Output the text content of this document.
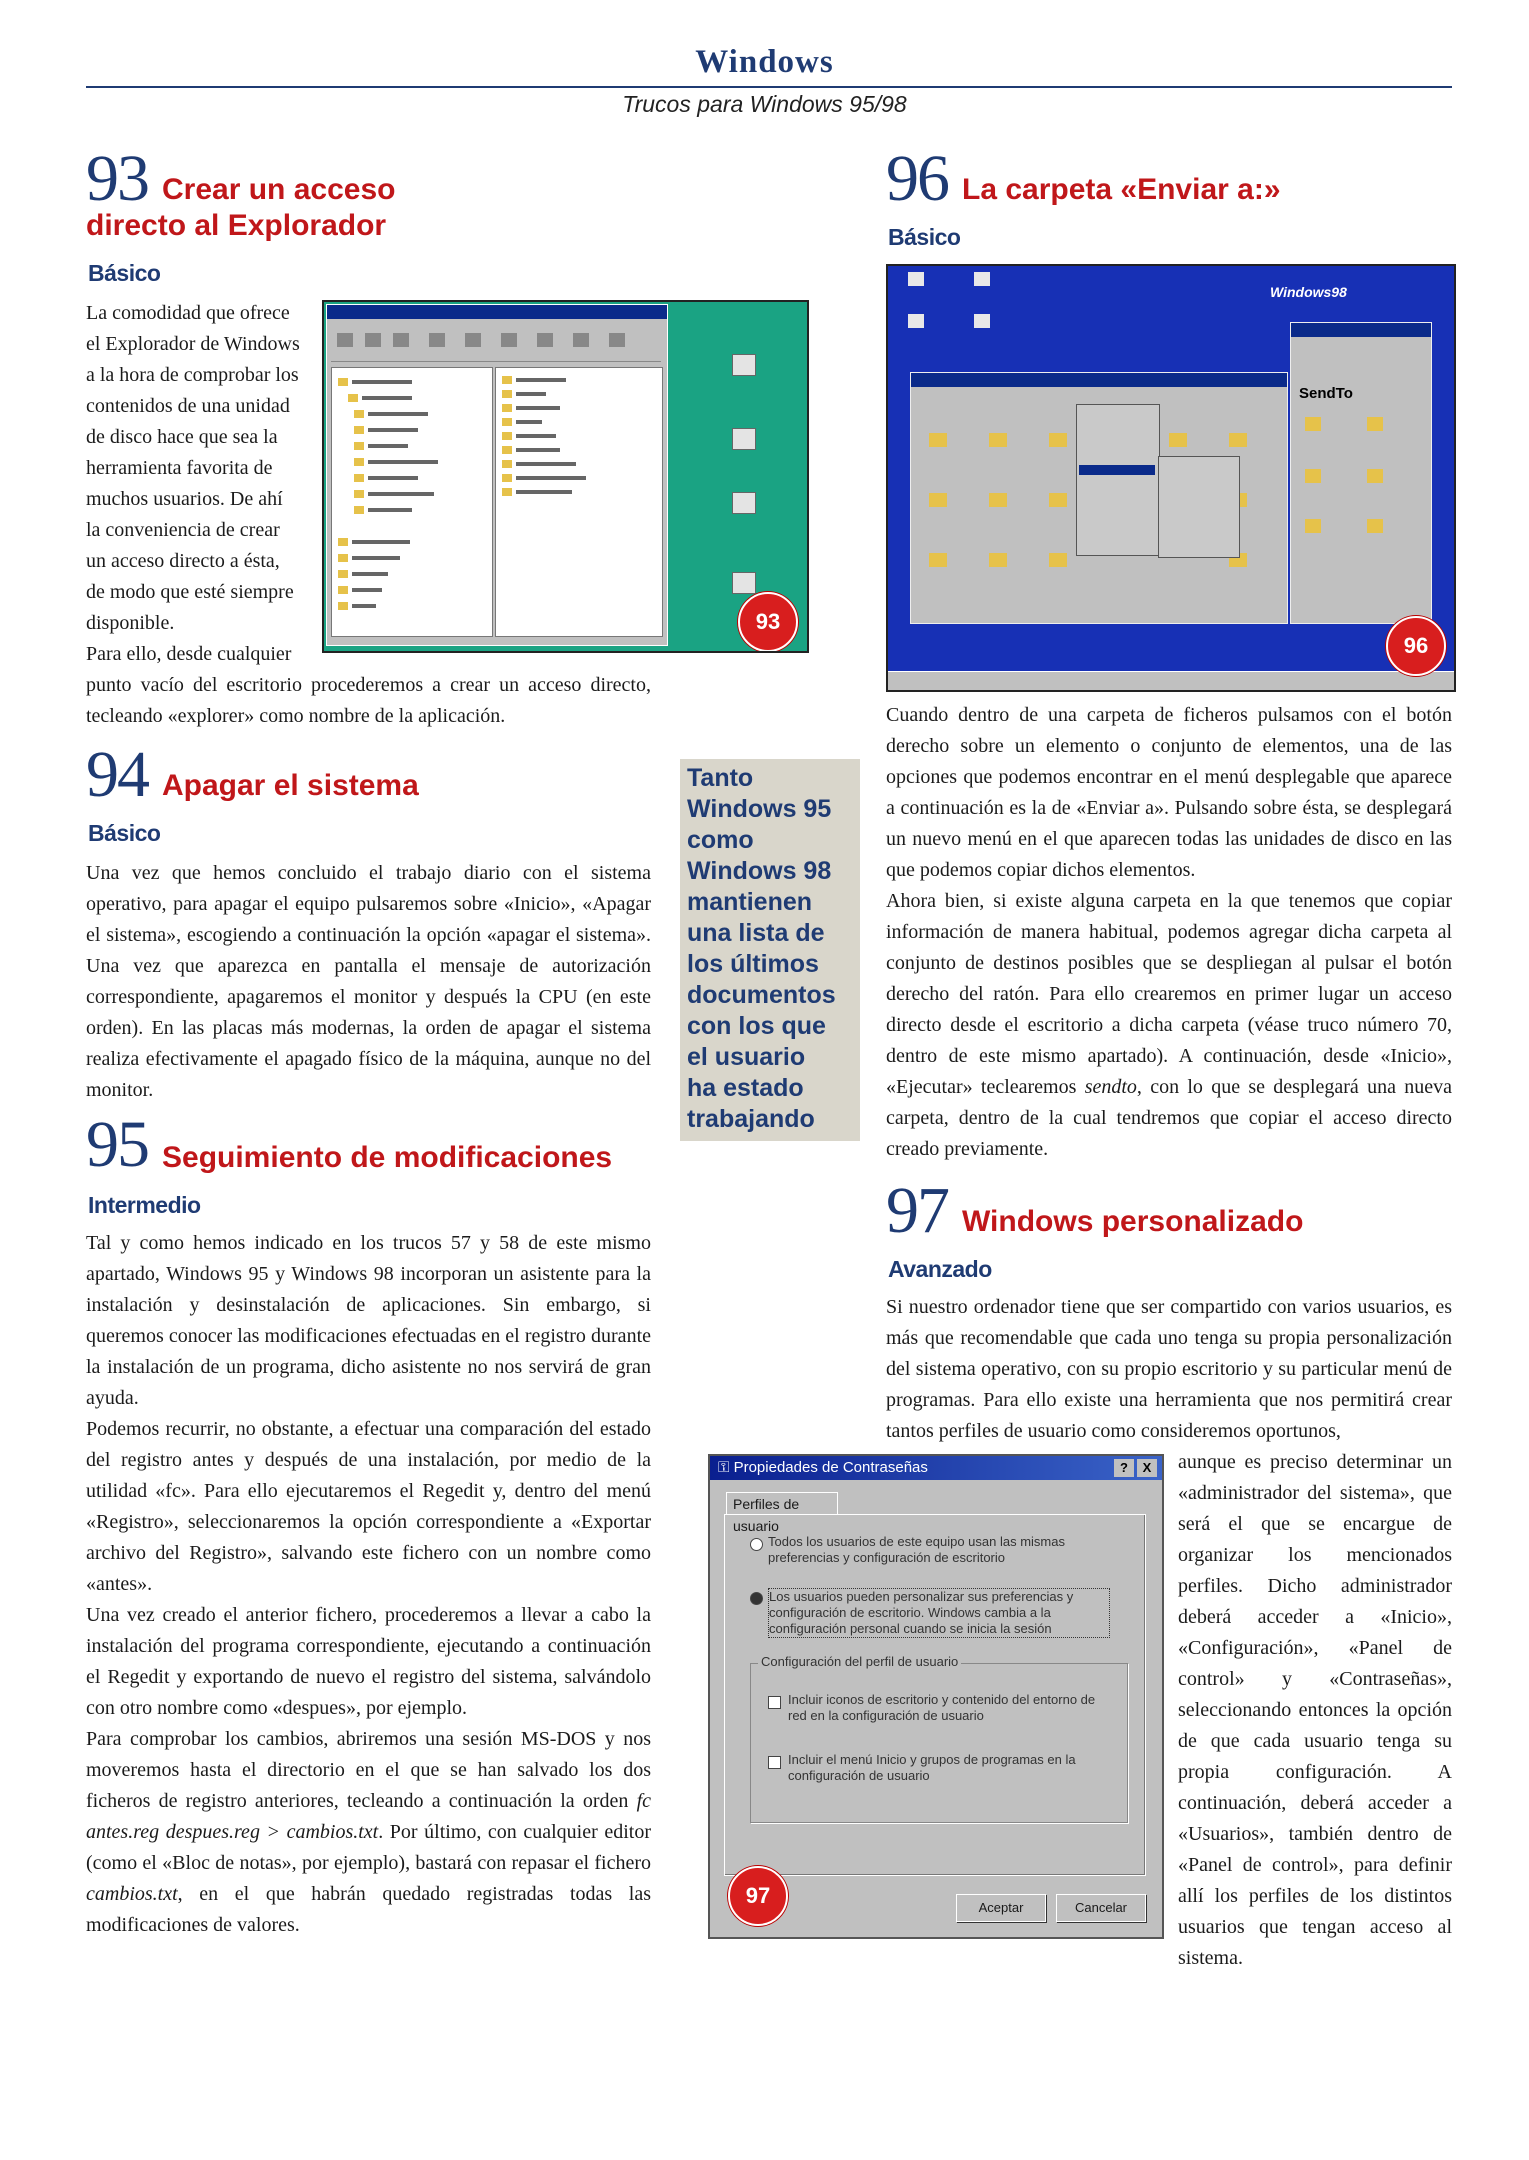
Windows
Trucos para Windows 95/98
93 Crear un acceso
directo al Explorador
Básico
La comodidad que ofrece
el Explorador de Windows
a la hora de comprobar los
contenidos de una unidad
de disco hace que sea la
herramienta favorita de
muchos usuarios. De ahí
la conveniencia de crear
un acceso directo a ésta,
de modo que esté siempre
disponible.
Para ello, desde cualquier
punto vacío del escritorio procederemos a crear un acceso directo, tecleando «explorer» como nombre de la aplicación.
93
94 Apagar el sistema
Básico
Una vez que hemos concluido el trabajo diario con el sistema operativo, para apagar el equipo pulsaremos sobre «Inicio», «Apagar el sistema», escogiendo a continuación la opción «apagar el sistema». Una vez que aparezca en pantalla el mensaje de autorización correspondiente, apagaremos el monitor y después la CPU (en este orden). En las placas más modernas, la orden de apagar el sistema realiza efectivamente el apagado físico de la máquina, aunque no del monitor.
95 Seguimiento de modificaciones
Intermedio

Tal y como hemos indicado en los trucos 57 y 58 de este mismo apartado, Windows 95 y Windows 98 incorporan un asistente para la instalación y desinstalación de aplicaciones. Sin embargo, si queremos conocer las modificaciones efectuadas en el registro durante la instalación de un programa, dicho asistente no nos servirá de gran ayuda.

Podemos recurrir, no obstante, a efectuar una comparación del estado del registro antes y después de una instalación, por medio de la utilidad «fc». Para ello ejecutaremos el Regedit y, dentro del menú «Registro», seleccionaremos la opción correspondiente a «Exportar archivo del Registro», salvando este fichero con un nombre como «antes».

Una vez creado el anterior fichero, procederemos a llevar a cabo la instalación del programa correspondiente, ejecutando a continuación el Regedit y exportando de nuevo el registro del sistema, salvándolo con otro nombre como «despues», por ejemplo.

Para comprobar los cambios, abriremos una sesión MS-DOS y nos moveremos hasta el directorio en el que se han salvado los dos ficheros de registro anteriores, tecleando a continuación la orden fc antes.reg despues.reg > cambios.txt. Por último, con cualquier editor (como el «Bloc de notas», por ejemplo), bastará con repasar el fichero cambios.txt, en el que habrán quedado registradas todas las modificaciones de valores.

Tanto
Windows 95
como
Windows 98
mantienen
una lista de
los últimos
documentos
con los que
el usuario
ha estado
trabajando
96 La carpeta «Enviar a:»
Básico
Windows98
SendTo
96

Cuando dentro de una carpeta de ficheros pulsamos con el botón derecho sobre un elemento o conjunto de elementos, una de las opciones que podemos encontrar en el menú desplegable que aparece a continuación es la de «Enviar a». Pulsando sobre ésta, se desplegará un nuevo menú en el que aparecen todas las unidades de disco en las que podemos copiar dichos elementos.

Ahora bien, si existe alguna carpeta en la que tenemos que copiar información de manera habitual, podemos agregar dicha carpeta al conjunto de destinos posibles que se despliegan al pulsar el botón derecho del ratón. Para ello crearemos en primer lugar un acceso directo desde el escritorio a dicha carpeta (véase truco número 70, dentro de este mismo apartado). A continuación, desde «Inicio», «Ejecutar» teclearemos sendto, con lo que se desplegará una nueva carpeta, dentro de la cual tendremos que copiar el acceso directo creado previamente.

97 Windows personalizado
Avanzado
Si nuestro ordenador tiene que ser compartido con varios usuarios, es más que recomendable que cada uno tenga su propia personalización del sistema operativo, con su propio escritorio y su particular menú de programas. Para ello existe una herramienta que nos permitirá crear tantos perfiles de usuario como consideremos oportunos,
aunque es preciso determinar un «administrador del sistema», que será el que se encargue de organizar los mencionados perfiles. Dicho administrador deberá acceder a «Inicio», «Configuración», «Panel de control» y «Contraseñas», seleccionando entonces la opción de que cada usuario tenga su propia configuración. A continuación, deberá acceder a «Usuarios», también dentro de «Panel de control», para definir allí los perfiles de los distintos usuarios que tengan acceso al sistema.
⚿ Propiedades de Contraseñas	?	X
Perfiles de usuario
Todos los usuarios de este equipo usan las mismas preferencias y configuración de escritorio
Los usuarios pueden personalizar sus preferencias y configuración de escritorio. Windows cambia a la configuración personal cuando se inicia la sesión
Configuración del perfil de usuario
Incluir iconos de escritorio y contenido del entorno de red en la configuración de usuario
Incluir el menú Inicio y grupos de programas en la configuración de usuario
Aceptar	Cancelar
97
